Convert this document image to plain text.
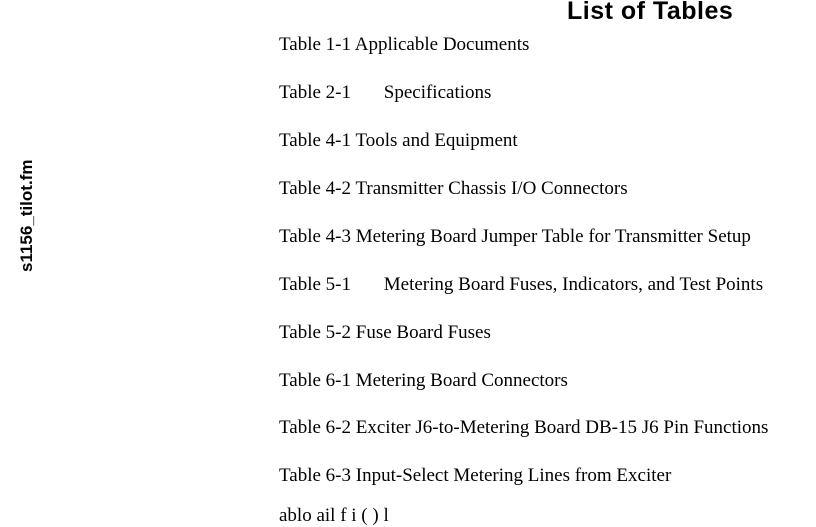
List of Tables
s1156_tilot.fm
Table 1-1 Applicable Documents
Table 2-1 Specifications
Table 4-1 Tools and Equipment
Table 4-2 Transmitter Chassis I/O Connectors
Table 4-3 Metering Board Jumper Table for Transmitter Setup
Table 5-1 Metering Board Fuses, Indicators, and Test Points
Table 5-2 Fuse Board Fuses
Table 6-1 Metering Board Connectors
Table 6-2 Exciter J6-to-Metering Board DB-15 J6 Pin Functions
Table 6-3 Input-Select Metering Lines from Exciter
ablo ail f i ( ) l
